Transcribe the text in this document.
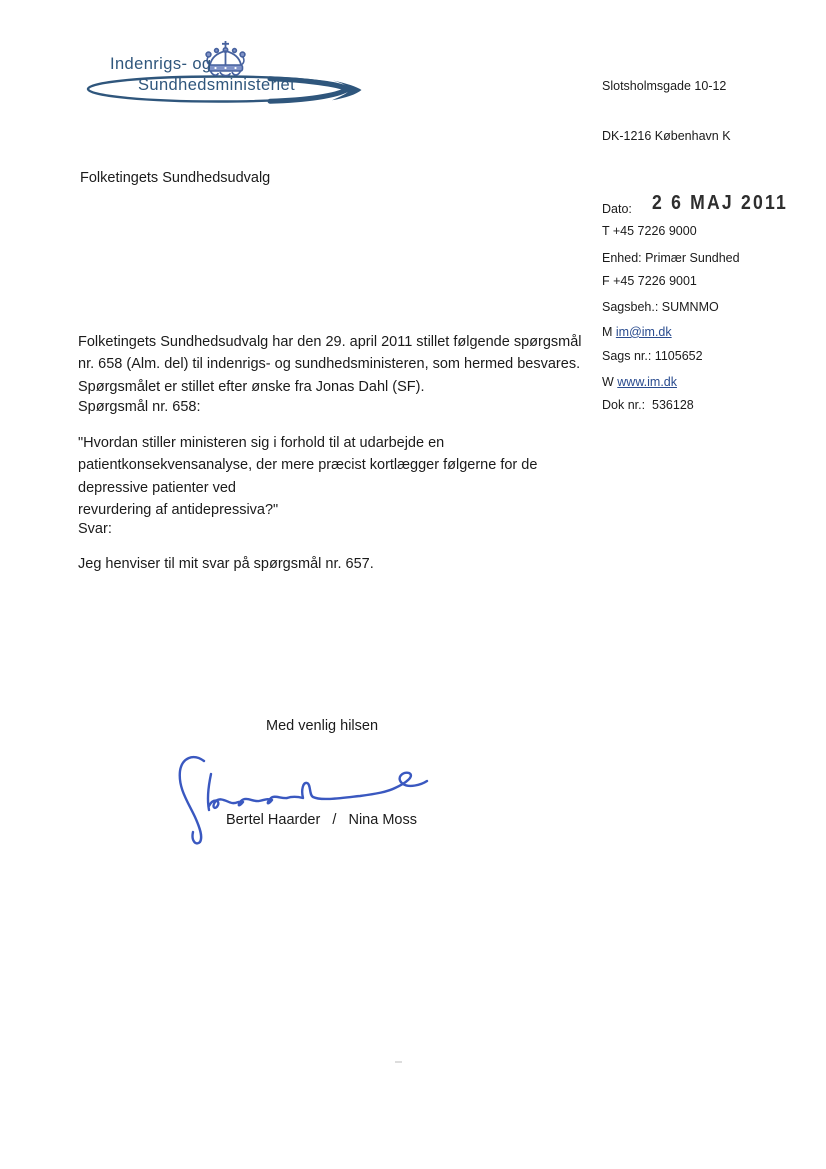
Indenrigs- og
Sundhedsministeriet

	Slotsholmsgade 10-12

DK-1216 København K

T +45 7226 9000

F +45 7226 9001

M im@im.dk

W www.im.dk

Dato: 2 6 MAJ 2011

Enhed: Primær Sundhed

Sagsbeh.: SUMNMO

Sags nr.: 1105652

Dok nr.:  536128

Folketingets Sundhedsudvalg
Folketingets Sundhedsudvalg har den 29. april 2011 stillet følgende spørgsmål
nr. 658 (Alm. del) til indenrigs- og sundhedsministeren, som hermed besvares.
Spørgsmålet er stillet efter ønske fra Jonas Dahl (SF).
Spørgsmål nr. 658:
"Hvordan stiller ministeren sig i forhold til at udarbejde en
patientkonsekvensanalyse, der mere præcist kortlægger følgerne for de
depressive patienter ved
revurdering af antidepressiva?"
Svar:
Jeg henviser til mit svar på spørgsmål nr. 657.
Med venlig hilsen
Bertel Haarder   /   Nina Moss
